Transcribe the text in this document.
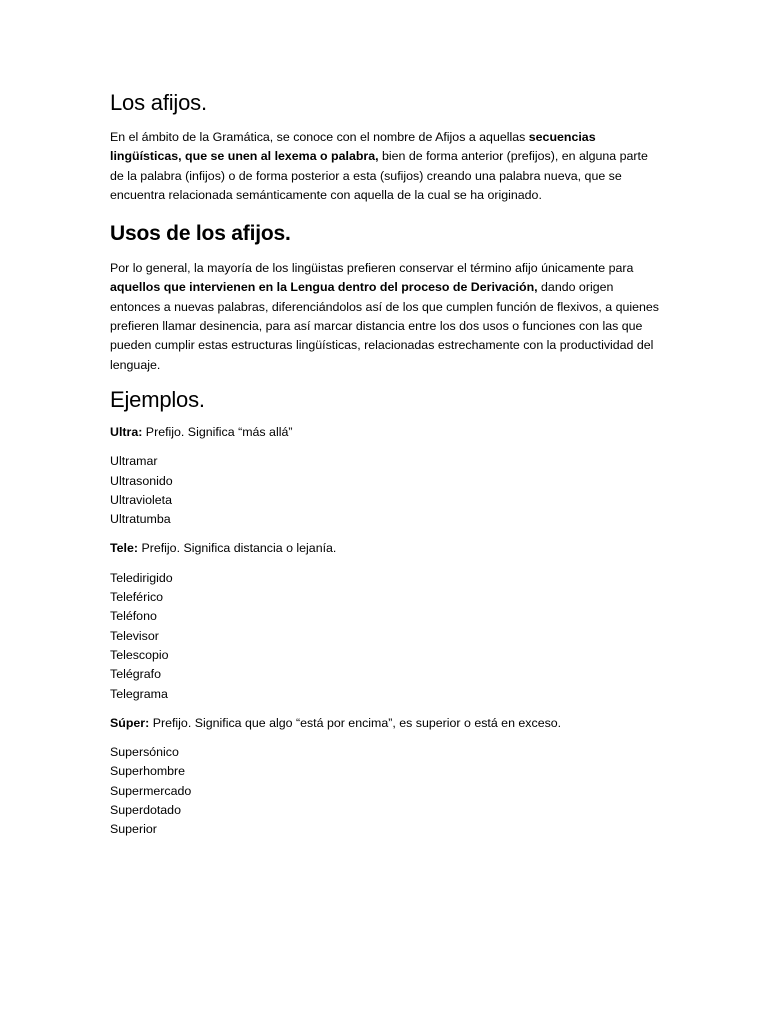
Los afijos.

En el ámbito de la Gramática, se conoce con el nombre de Afijos a aquellas secuencias lingüísticas, que se unen al lexema o palabra, bien de forma anterior (prefijos), en alguna parte de la palabra (infijos) o de forma posterior a esta (sufijos) creando una palabra nueva, que se encuentra relacionada semánticamente con aquella de la cual se ha originado.

Usos de los afijos.

Por lo general, la mayoría de los lingüistas prefieren conservar el término afijo únicamente para aquellos que intervienen en la Lengua dentro del proceso de Derivación, dando origen entonces a nuevas palabras, diferenciándolos así de los que cumplen función de flexivos, a quienes prefieren llamar desinencia, para así marcar distancia entre los dos usos o funciones con las que pueden cumplir estas estructuras lingüísticas, relacionadas estrechamente con la productividad del lenguaje.

Ejemplos.

Ultra: Prefijo. Significa “más allá”

Ultramar
Ultrasonido
Ultravioleta
Ultratumba

Tele: Prefijo. Significa distancia o lejanía.

Teledirigido
Teleférico
Teléfono
Televisor
Telescopio
Telégrafo
Telegrama

Súper: Prefijo. Significa que algo “está por encima”, es superior o está en exceso.

Supersónico
Superhombre
Supermercado
Superdotado
Superior
